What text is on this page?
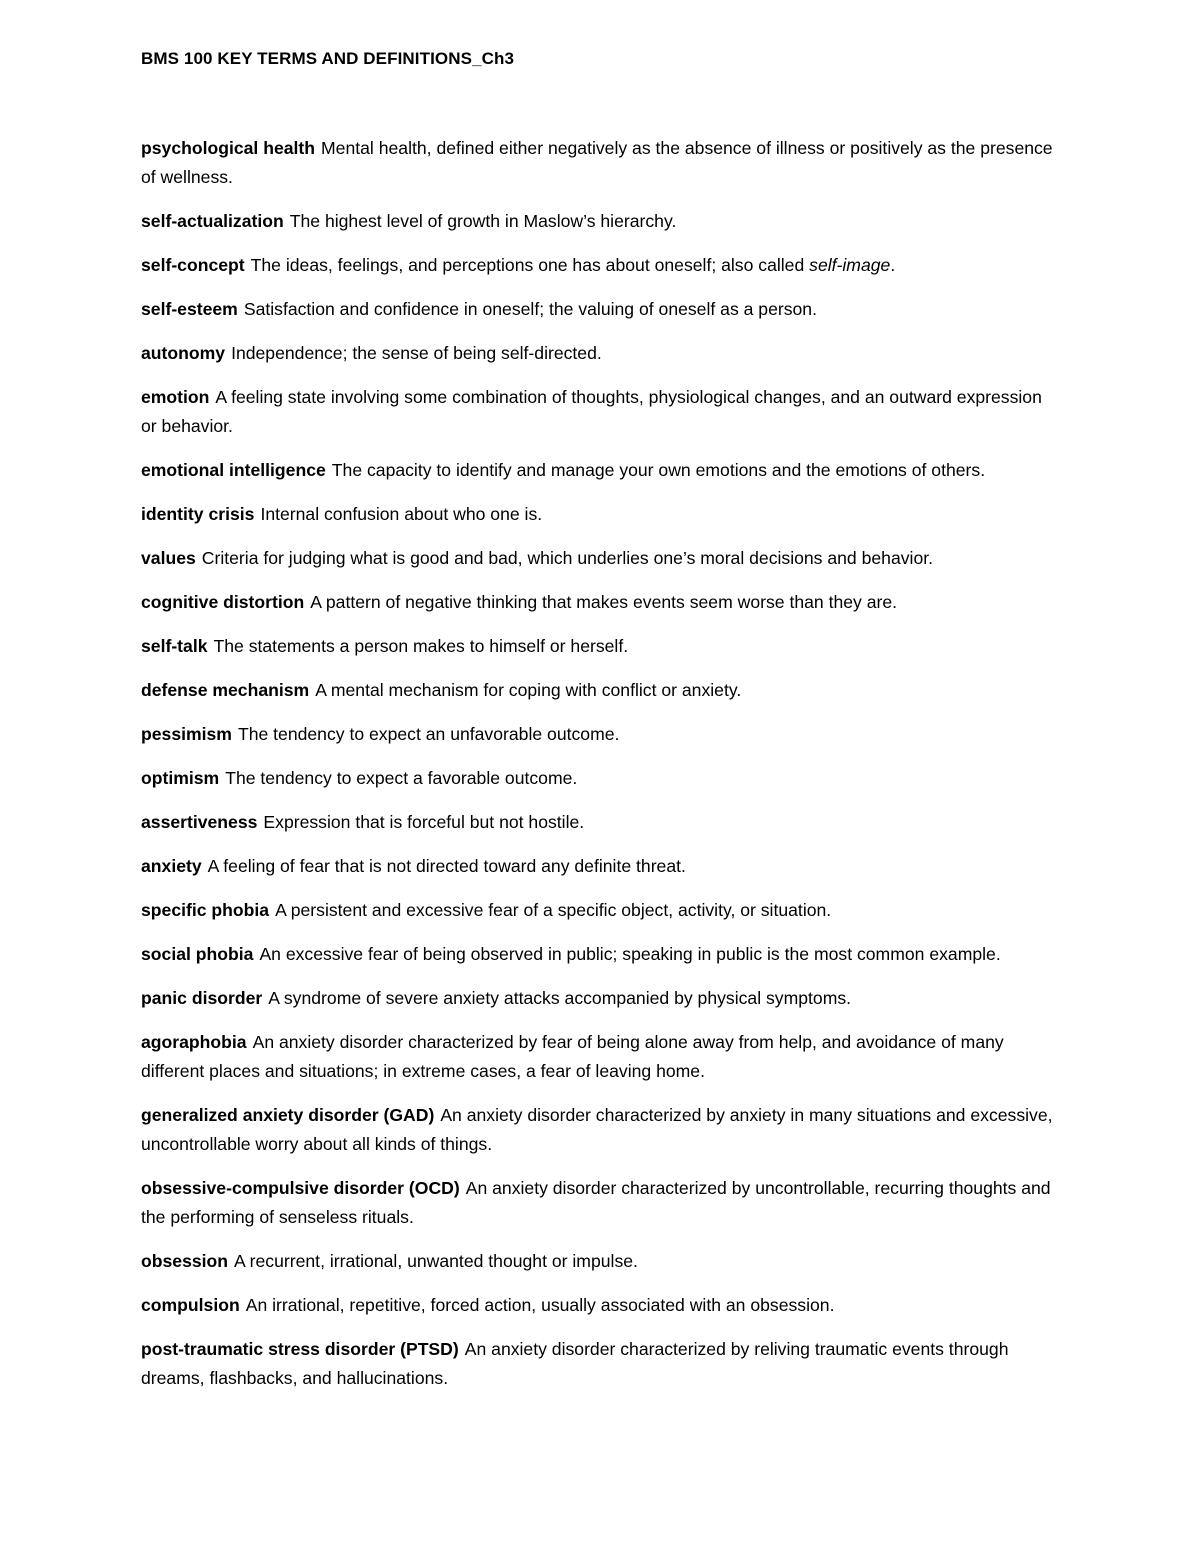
BMS 100 KEY TERMS AND DEFINITIONS_Ch3

psychological health Mental health, defined either negatively as the absence of illness or positively as the presence of wellness.

self-actualization The highest level of growth in Maslow’s hierarchy.

self-concept The ideas, feelings, and perceptions one has about oneself; also called self-image.

self-esteem Satisfaction and confidence in oneself; the valuing of oneself as a person.

autonomy Independence; the sense of being self-directed.

emotion A feeling state involving some combination of thoughts, physiological changes, and an outward expression or behavior.

emotional intelligence The capacity to identify and manage your own emotions and the emotions of others.

identity crisis Internal confusion about who one is.

values Criteria for judging what is good and bad, which underlies one’s moral decisions and behavior.

cognitive distortion A pattern of negative thinking that makes events seem worse than they are.

self-talk The statements a person makes to himself or herself.

defense mechanism A mental mechanism for coping with conflict or anxiety.

pessimism The tendency to expect an unfavorable outcome.

optimism The tendency to expect a favorable outcome.

assertiveness Expression that is forceful but not hostile.

anxiety A feeling of fear that is not directed toward any definite threat.

specific phobia A persistent and excessive fear of a specific object, activity, or situation.

social phobia An excessive fear of being observed in public; speaking in public is the most common example.

panic disorder A syndrome of severe anxiety attacks accompanied by physical symptoms.

agoraphobia An anxiety disorder characterized by fear of being alone away from help, and avoidance of many different places and situations; in extreme cases, a fear of leaving home.

generalized anxiety disorder (GAD) An anxiety disorder characterized by anxiety in many situations and excessive, uncontrollable worry about all kinds of things.

obsessive-compulsive disorder (OCD) An anxiety disorder characterized by uncontrollable, recurring thoughts and the performing of senseless rituals.

obsession A recurrent, irrational, unwanted thought or impulse.

compulsion An irrational, repetitive, forced action, usually associated with an obsession.

post-traumatic stress disorder (PTSD) An anxiety disorder characterized by reliving traumatic events through dreams, flashbacks, and hallucinations.
